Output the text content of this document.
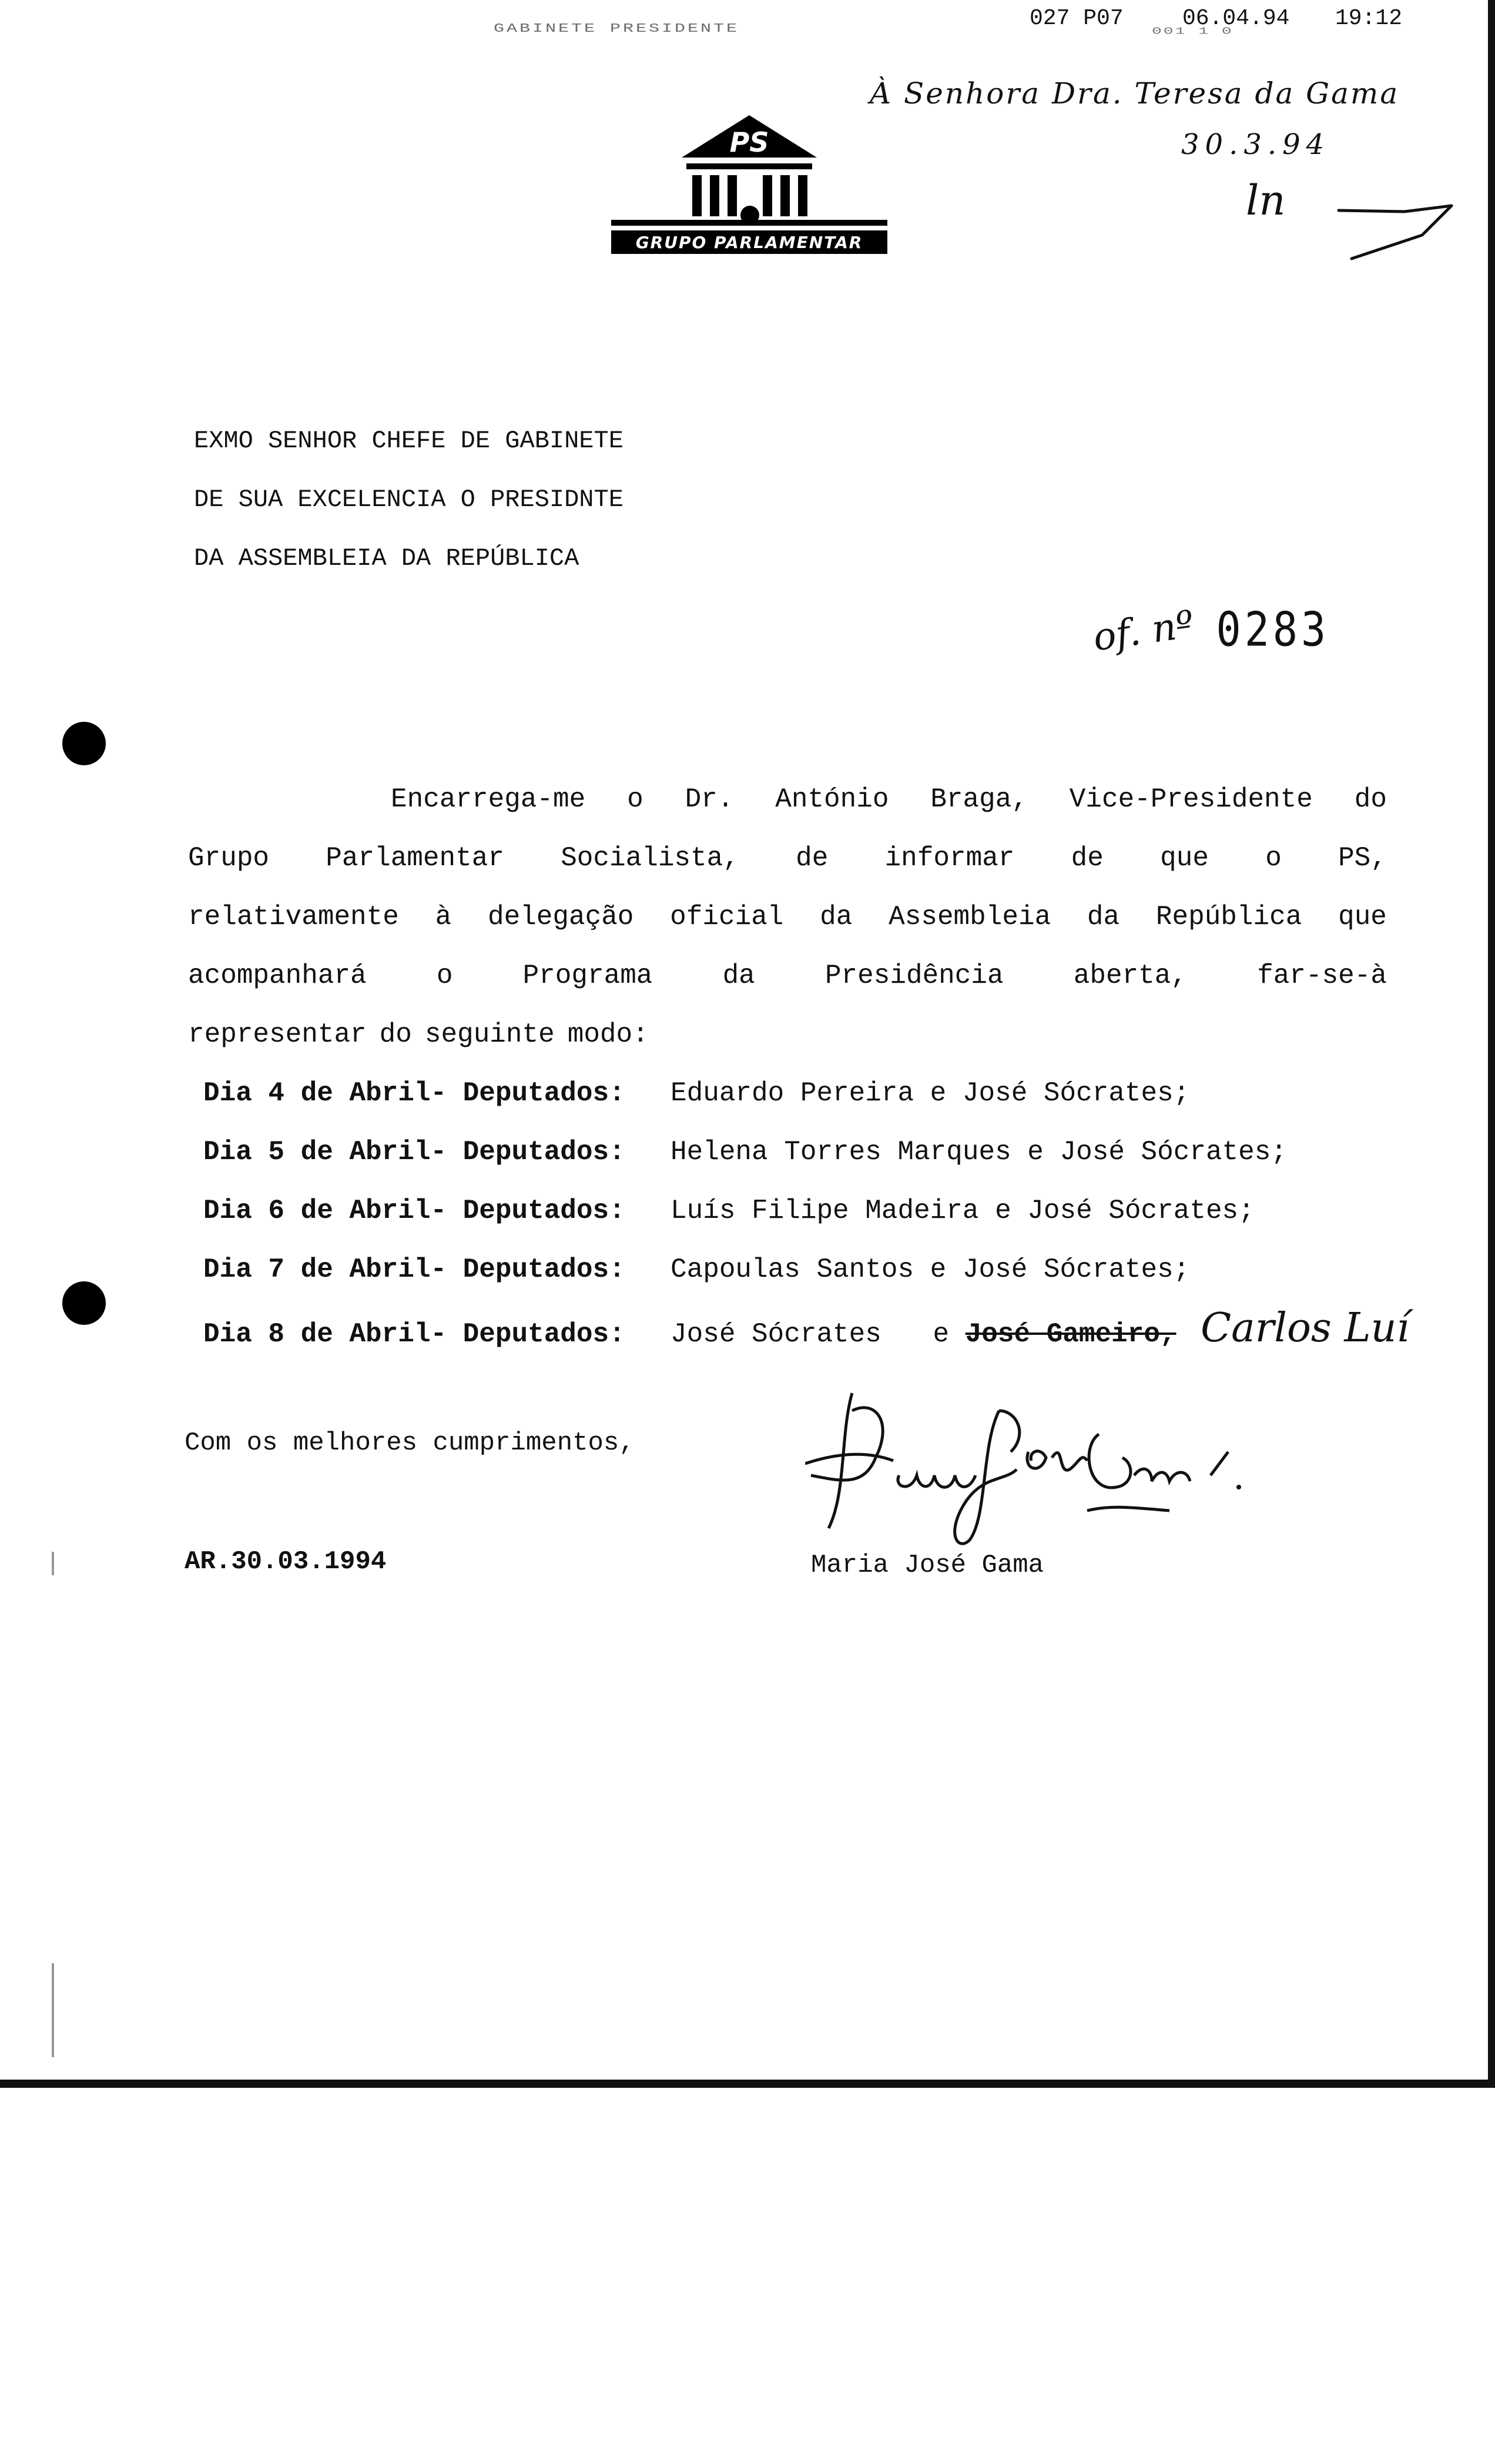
GABINETE PRESIDENTE	027 P07	06.04.94 19:12
001 1 0
À Senhora Dra. Teresa da Gama
30.3.94
ln
PS
GRUPO PARLAMENTAR
EXMO SENHOR CHEFE DE GABINETE
DE SUA EXCELENCIA O PRESIDNTE
DA ASSEMBLEIA DA REPÚBLICA
of. nº 0283
Encarrega-me o Dr. António Braga, Vice-Presidente do
Grupo Parlamentar Socialista, de informar de que o PS,
relativamente à delegação oficial da Assembleia da República que
acompanhará	o	Programa	da	Presidência	aberta,	far-se-à
representar do seguinte modo:
Dia 4 de Abril- Deputados: Eduardo Pereira e José Sócrates;
Dia 5 de Abril- Deputados: Helena Torres Marques e José Sócrates;
Dia 6 de Abril- Deputados: Luís Filipe Madeira e José Sócrates;
Dia 7 de Abril- Deputados: Capoulas Santos e José Sócrates;
Dia 8 de Abril- Deputados: José Sócrates e José Gameiro, Carlos Luí
Com os melhores cumprimentos,
AR.30.03.1994	Maria José Gama
